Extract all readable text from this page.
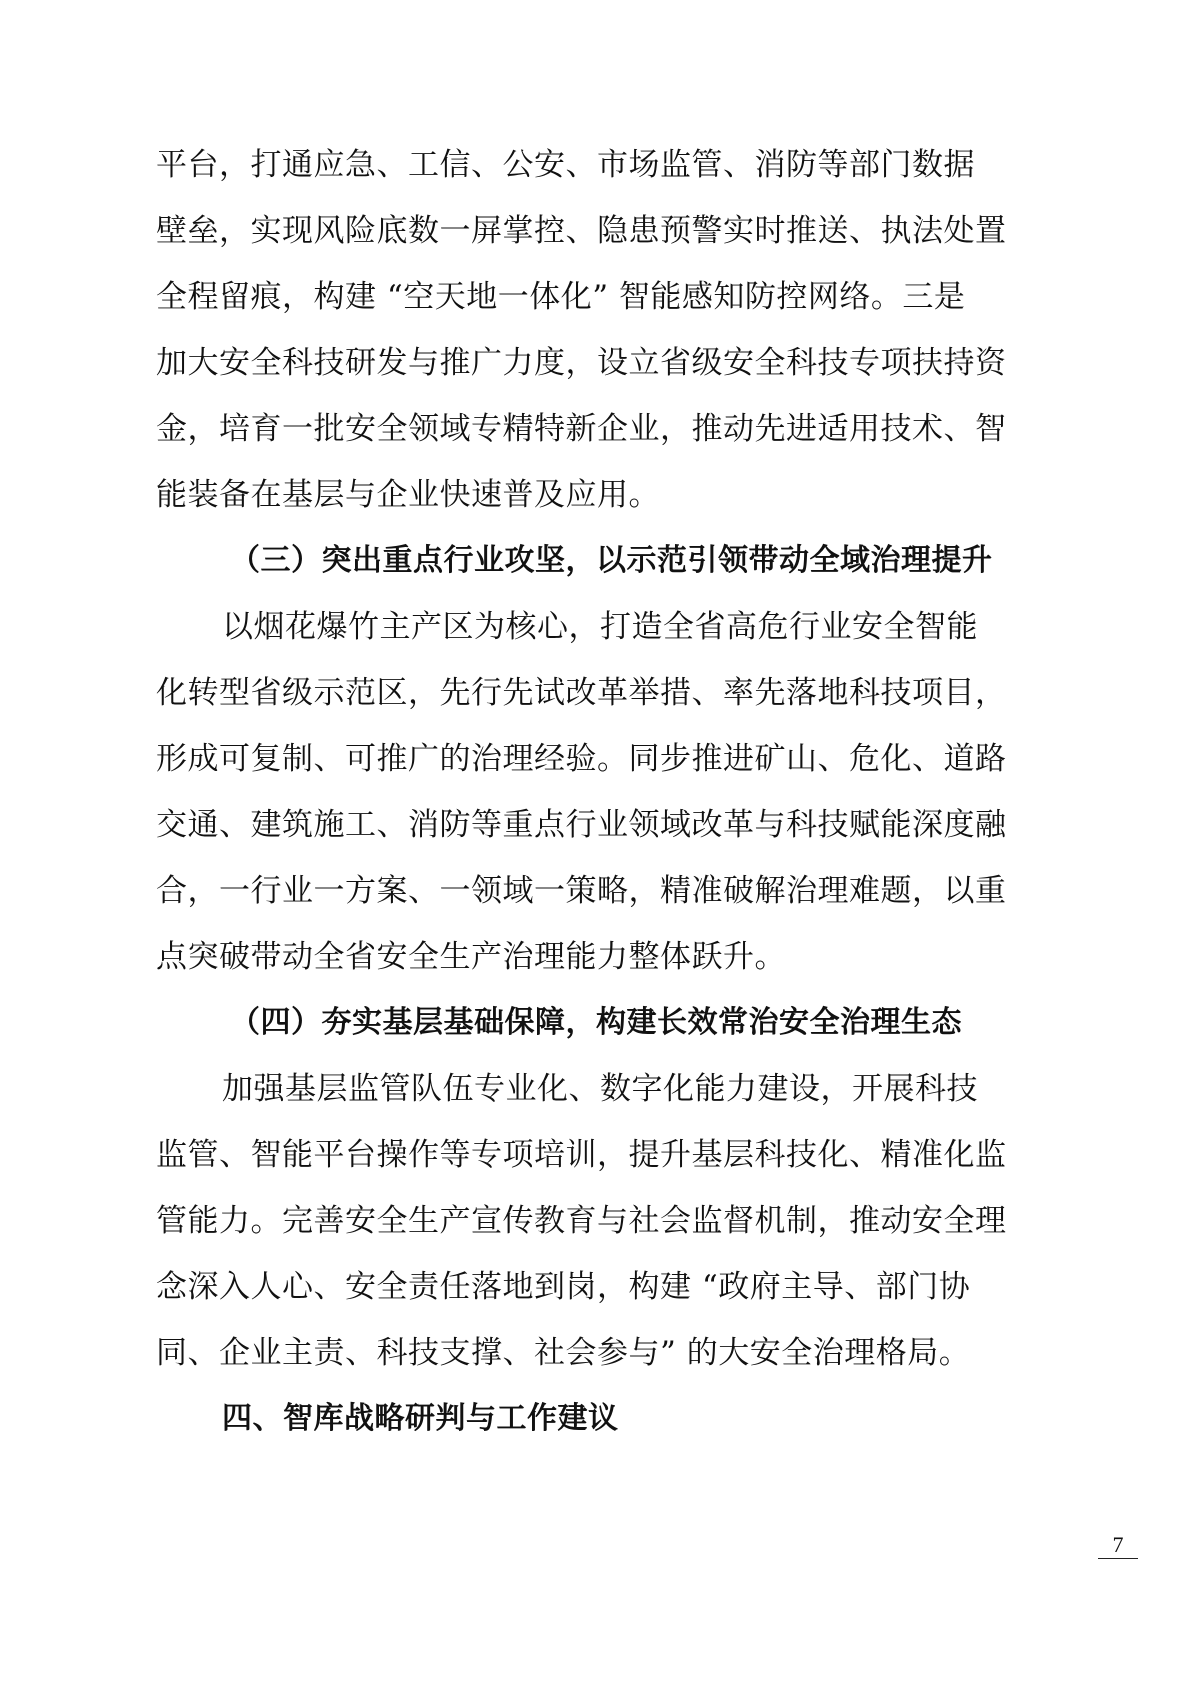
平台，打通应急、工信、公安、市场监管、消防等部门数据
壁垒，实现风险底数一屏掌控、隐患预警实时推送、执法处置
全程留痕，构建 “空天地一体化” 智能感知防控网络。三是
加大安全科技研发与推广力度，设立省级安全科技专项扶持资
金，培育一批安全领域专精特新企业，推动先进适用技术、智
能装备在基层与企业快速普及应用。
（三）突出重点行业攻坚，以示范引领带动全域治理提升
以烟花爆竹主产区为核心，打造全省高危行业安全智能
化转型省级示范区，先行先试改革举措、率先落地科技项目，
形成可复制、可推广的治理经验。同步推进矿山、危化、道路
交通、建筑施工、消防等重点行业领域改革与科技赋能深度融
合，一行业一方案、一领域一策略，精准破解治理难题，以重
点突破带动全省安全生产治理能力整体跃升。
（四）夯实基层基础保障，构建长效常治安全治理生态
加强基层监管队伍专业化、数字化能力建设，开展科技
监管、智能平台操作等专项培训，提升基层科技化、精准化监
管能力。完善安全生产宣传教育与社会监督机制，推动安全理
念深入人心、安全责任落地到岗，构建 “政府主导、部门协
同、企业主责、科技支撑、社会参与” 的大安全治理格局。
四、智库战略研判与工作建议
7
